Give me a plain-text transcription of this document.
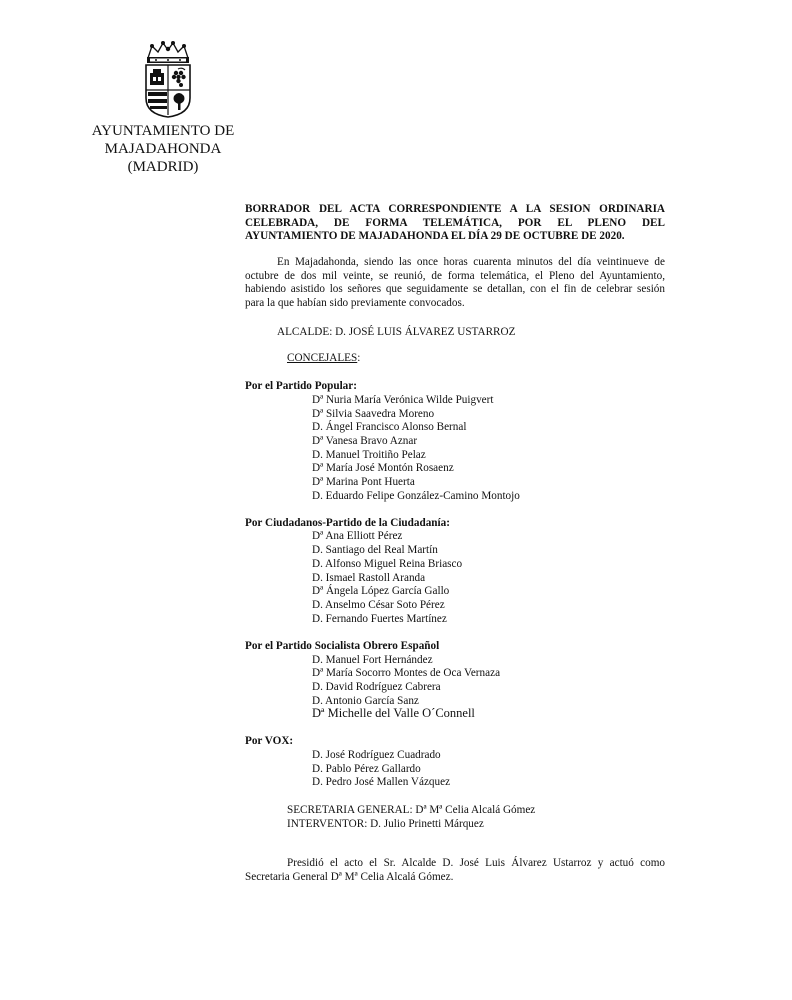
AYUNTAMIENTO DE
MAJADAHONDA
(MADRID)
BORRADOR DEL ACTA CORRESPONDIENTE A LA SESION ORDINARIA
CELEBRADA, DE FORMA TELEMÁTICA, POR EL PLENO DEL
AYUNTAMIENTO DE MAJADAHONDA EL DÍA 29 DE OCTUBRE DE 2020.
En Majadahonda, siendo las once horas cuarenta minutos del día veintinueve de
octubre de dos mil veinte, se reunió, de forma telemática, el Pleno del Ayuntamiento,
habiendo asistido los señores que seguidamente se detallan, con el fin de celebrar sesión
para la que habían sido previamente convocados.
ALCALDE: D. JOSÉ LUIS ÁLVAREZ USTARROZ
CONCEJALES:
Por el Partido Popular:
Dª Nuria María Verónica Wilde Puigvert
Dª Silvia Saavedra Moreno
D. Ángel Francisco Alonso Bernal
Dª Vanesa Bravo Aznar
D. Manuel Troitiño Pelaz
Dª María José Montón Rosaenz
Dª Marina Pont Huerta
D. Eduardo Felipe González-Camino Montojo
Por Ciudadanos-Partido de la Ciudadanía:
Dª Ana Elliott Pérez
D. Santiago del Real Martín
D. Alfonso Miguel Reina Briasco
D. Ismael Rastoll Aranda
Dª Ángela López García Gallo
D. Anselmo César Soto Pérez
D. Fernando Fuertes Martínez
Por el Partido Socialista Obrero Español
D. Manuel Fort Hernández
Dª María Socorro Montes de Oca Vernaza
D. David Rodríguez Cabrera
D. Antonio García Sanz
Dª Michelle del Valle O´Connell
Por VOX:
D. José Rodríguez Cuadrado
D. Pablo Pérez Gallardo
D. Pedro José Mallen Vázquez
SECRETARIA GENERAL: Dª Mª Celia Alcalá Gómez
INTERVENTOR: D. Julio Prinetti Márquez
Presidió el acto el Sr. Alcalde D. José Luis Álvarez Ustarroz y actuó como
Secretaria General Dª Mª Celia Alcalá Gómez.
